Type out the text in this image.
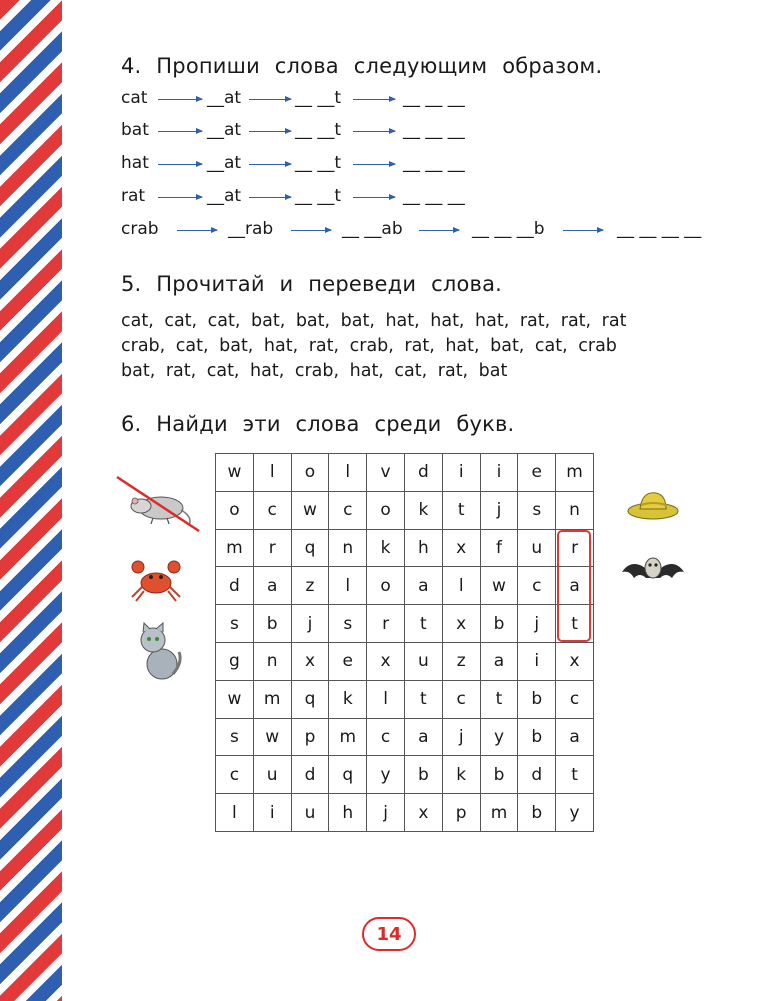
4. Пропиши слова следующим образом.
cat	__at	__ __t	__ __ __
bat	__at	__ __t	__ __ __
hat	__at	__ __t	__ __ __
rat	__at	__ __t	__ __ __
crab	__rab	__ __ab	__ __ __b	__ __ __ __
5. Прочитай и переведи слова.
cat, cat, cat, bat, bat, bat, hat, hat, hat, rat, rat, rat
crab, cat, bat, hat, rat, crab, rat, hat, bat, cat, crab
bat, rat, cat, hat, crab, hat, cat, rat, bat
6. Найди эти слова среди букв.
w	l	o	l	v	d	i	i	e	m
o	c	w	c	o	k	t	j	s	n
m	r	q	n	k	h	x	f	u	r
d	a	z	l	o	a	l	w	c	a
s	b	j	s	r	t	x	b	j	t
g	n	x	e	x	u	z	a	i	x
w	m	q	k	l	t	c	t	b	c
s	w	p	m	c	a	j	y	b	a
c	u	d	q	y	b	k	b	d	t
l	i	u	h	j	x	p	m	b	y
14
